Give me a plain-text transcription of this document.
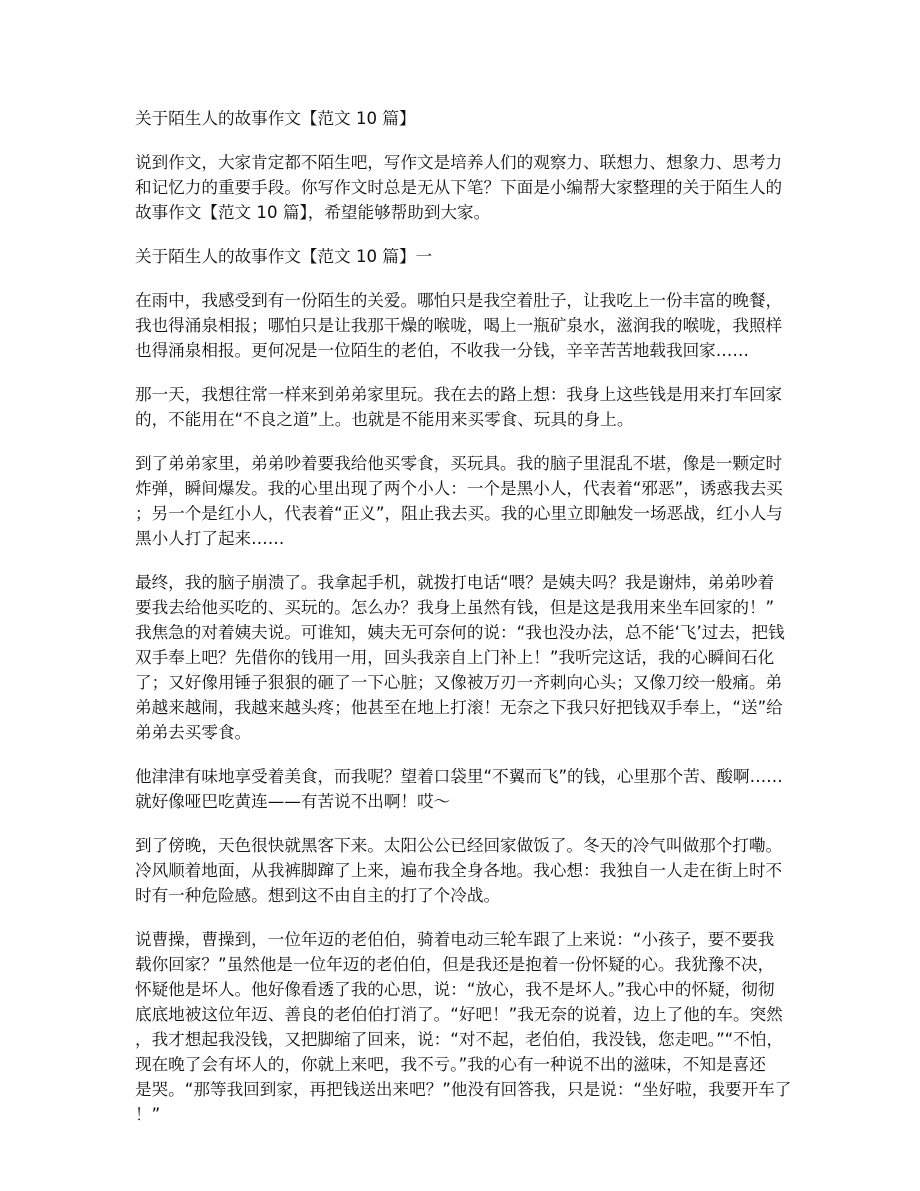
关于陌生人的故事作文【范文 10 篇】

说到作文，大家肯定都不陌生吧，写作文是培养人们的观察力、联想力、想象力、思考力
和记忆力的重要手段。你写作文时总是无从下笔？下面是小编帮大家整理的关于陌生人的
故事作文【范文 10 篇】，希望能够帮助到大家。

关于陌生人的故事作文【范文 10 篇】一

在雨中，我感受到有一份陌生的关爱。哪怕只是我空着肚子，让我吃上一份丰富的晚餐，
我也得涌泉相报；哪怕只是让我那干燥的喉咙，喝上一瓶矿泉水，滋润我的喉咙，我照样
也得涌泉相报。更何况是一位陌生的老伯，不收我一分钱，辛辛苦苦地载我回家……

那一天，我想往常一样来到弟弟家里玩。我在去的路上想：我身上这些钱是用来打车回家
的，不能用在“不良之道”上。也就是不能用来买零食、玩具的身上。

到了弟弟家里，弟弟吵着要我给他买零食，买玩具。我的脑子里混乱不堪，像是一颗定时
炸弹，瞬间爆发。我的心里出现了两个小人：一个是黑小人，代表着“邪恶”，诱惑我去买
；另一个是红小人，代表着“正义”，阻止我去买。我的心里立即触发一场恶战，红小人与
黑小人打了起来……

最终，我的脑子崩溃了。我拿起手机，就拨打电话“喂？是姨夫吗？我是谢炜，弟弟吵着
要我去给他买吃的、买玩的。怎么办？我身上虽然有钱，但是这是我用来坐车回家的！”
我焦急的对着姨夫说。可谁知，姨夫无可奈何的说：“我也没办法，总不能‘飞’过去，把钱
双手奉上吧？先借你的钱用一用，回头我亲自上门补上！”我听完这话，我的心瞬间石化
了；又好像用锤子狠狠的砸了一下心脏；又像被万刃一齐刺向心头；又像刀绞一般痛。弟
弟越来越闹，我越来越头疼；他甚至在地上打滚！无奈之下我只好把钱双手奉上，“送”给
弟弟去买零食。

他津津有味地享受着美食，而我呢？望着口袋里“不翼而飞”的钱，心里那个苦、酸啊……
就好像哑巴吃黄连——有苦说不出啊！哎～

到了傍晚，天色很快就黑客下来。太阳公公已经回家做饭了。冬天的冷气叫做那个打嘞。
冷风顺着地面，从我裤脚蹿了上来，遍布我全身各地。我心想：我独自一人走在街上时不
时有一种危险感。想到这不由自主的打了个冷战。

说曹操，曹操到，一位年迈的老伯伯，骑着电动三轮车跟了上来说：“小孩子，要不要我
载你回家？”虽然他是一位年迈的老伯伯，但是我还是抱着一份怀疑的心。我犹豫不决，
怀疑他是坏人。他好像看透了我的心思，说：“放心，我不是坏人。”我心中的怀疑，彻彻
底底地被这位年迈、善良的老伯伯打消了。“好吧！”我无奈的说着，边上了他的车。突然
，我才想起我没钱，又把脚缩了回来，说：“对不起，老伯伯，我没钱，您走吧。”“不怕，
现在晚了会有坏人的，你就上来吧，我不亏。”我的心有一种说不出的滋味，不知是喜还
是哭。“那等我回到家，再把钱送出来吧？”他没有回答我，只是说：“坐好啦，我要开车了
！”
